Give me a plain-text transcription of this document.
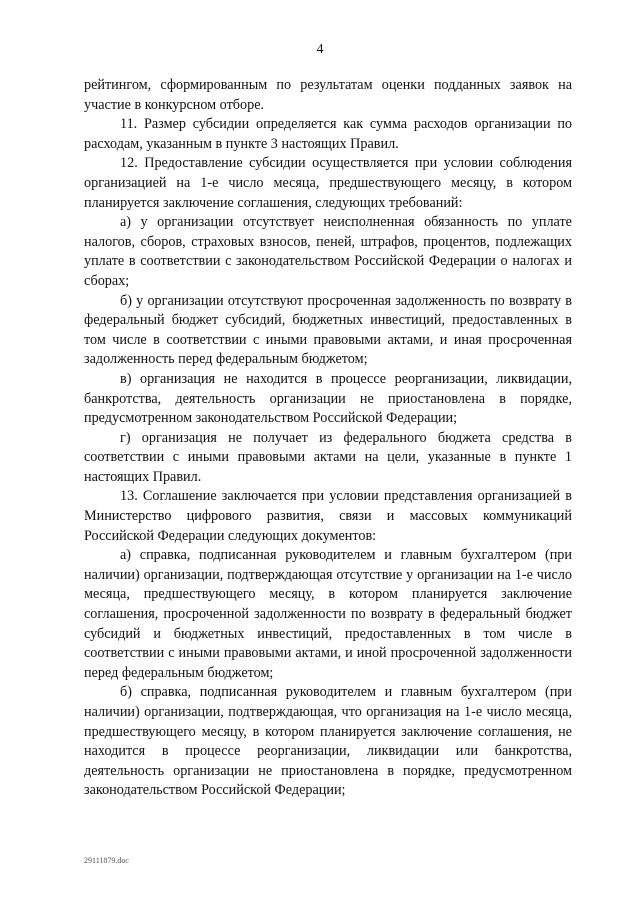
4

рейтингом, сформированным по результатам оценки подданных заявок на участие в конкурсном отборе.

11. Размер субсидии определяется как сумма расходов организации по расходам, указанным в пункте 3 настоящих Правил.

12. Предоставление субсидии осуществляется при условии соблюдения организацией на 1-е число месяца, предшествующего месяцу, в котором планируется заключение соглашения, следующих требований:

а) у организации отсутствует неисполненная обязанность по уплате налогов, сборов, страховых взносов, пеней, штрафов, процентов, подлежащих уплате в соответствии с законодательством Российской Федерации о налогах и сборах;

б) у организации отсутствуют просроченная задолженность по возврату в федеральный бюджет субсидий, бюджетных инвестиций, предоставленных в том числе в соответствии с иными правовыми актами, и иная просроченная задолженность перед федеральным бюджетом;

в) организация не находится в процессе реорганизации, ликвидации, банкротства, деятельность организации не приостановлена в порядке, предусмотренном законодательством Российской Федерации;

г) организация не получает из федерального бюджета средства в соответствии с иными правовыми актами на цели, указанные в пункте 1 настоящих Правил.

13. Соглашение заключается при условии представления организацией в Министерство цифрового развития, связи и массовых коммуникаций Российской Федерации следующих документов:

а) справка, подписанная руководителем и главным бухгалтером (при наличии) организации, подтверждающая отсутствие у организации на 1-е число месяца, предшествующего месяцу, в котором планируется заключение соглашения, просроченной задолженности по возврату в федеральный бюджет субсидий и бюджетных инвестиций, предоставленных в том числе в соответствии с иными правовыми актами, и иной просроченной задолженности перед федеральным бюджетом;

б) справка, подписанная руководителем и главным бухгалтером (при наличии) организации, подтверждающая, что организация на 1-е число месяца, предшествующего месяцу, в котором планируется заключение соглашения, не находится в процессе реорганизации, ликвидации или банкротства, деятельность организации не приостановлена в порядке, предусмотренном законодательством Российской Федерации;

29111879.doc
